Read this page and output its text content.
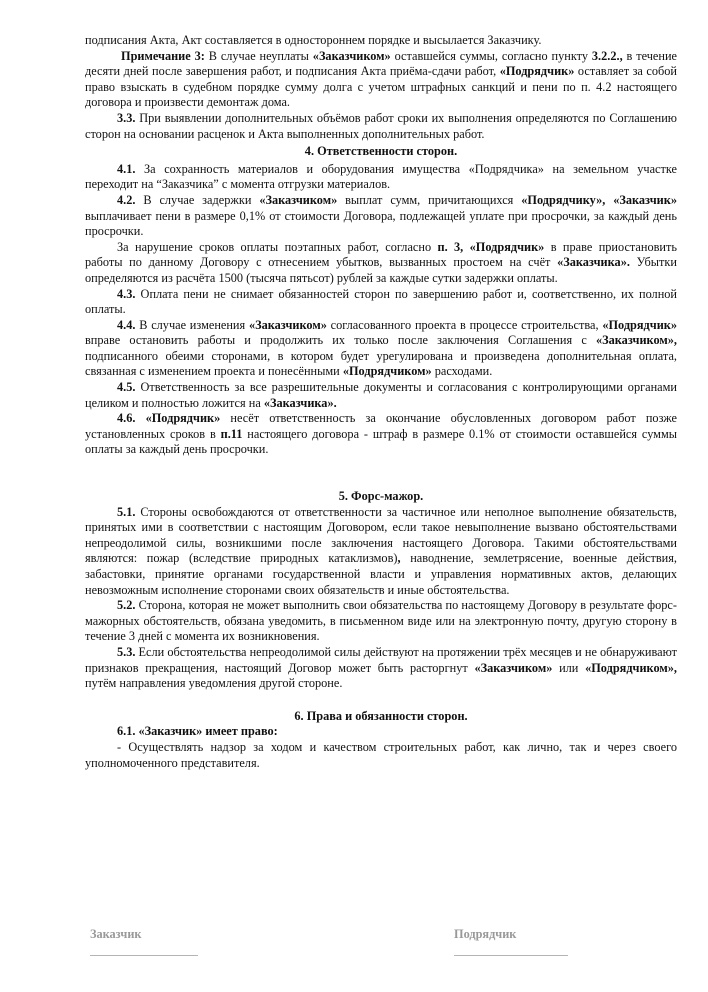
подписания Акта, Акт составляется в одностороннем порядке и высылается Заказчику.

Примечание 3: В случае неуплаты «Заказчиком» оставшейся суммы, согласно пункту 3.2.2., в течение десяти дней после завершения работ, и подписания Акта приёма-сдачи работ, «Подрядчик» оставляет за собой право взыскать в судебном порядке сумму долга с учетом штрафных санкций и пени по п. 4.2 настоящего договора и произвести демонтаж дома.

3.3. При выявлении дополнительных объёмов работ сроки их выполнения определяются по Соглашению сторон на основании расценок и Акта выполненных дополнительных работ.

4. Ответственности сторон.

4.1. За сохранность материалов и оборудования имущества «Подрядчика» на земельном участке переходит на “Заказчика” с момента отгрузки материалов.

4.2. В случае задержки «Заказчиком» выплат сумм, причитающихся «Подрядчику», «Заказчик» выплачивает пени в размере 0,1% от стоимости Договора, подлежащей уплате при просрочки, за каждый день просрочки.

За нарушение сроков оплаты поэтапных работ, согласно п. 3, «Подрядчик» в праве приостановить работы по данному Договору с отнесением убытков, вызванных простоем на счёт «Заказчика». Убытки определяются из расчёта 1500 (тысяча пятьсот) рублей за каждые сутки задержки оплаты.

4.3. Оплата пени не снимает обязанностей сторон по завершению работ и, соответственно, их полной оплаты.

4.4. В случае изменения «Заказчиком» согласованного проекта в процессе строительства, «Подрядчик» вправе остановить работы и продолжить их только после заключения Соглашения с «Заказчиком», подписанного обеими сторонами, в котором будет урегулирована и произведена дополнительная оплата, связанная с изменением проекта и понесёнными «Подрядчиком» расходами.

4.5. Ответственность за все разрешительные документы и согласования с контролирующими органами целиком и полностью ложится на «Заказчика».

4.6. «Подрядчик» несёт ответственность за окончание обусловленных договором работ позже установленных сроков в п.11 настоящего договора - штраф в размере 0.1% от стоимости оставшейся суммы оплаты за каждый день просрочки.

5. Форс-мажор.

5.1. Стороны освобождаются от ответственности за частичное или неполное выполнение обязательств, принятых ими в соответствии с настоящим Договором, если такое невыполнение вызвано обстоятельствами непреодолимой силы, возникшими после заключения настоящего Договора. Такими обстоятельствами являются: пожар (вследствие природных катаклизмов), наводнение, землетрясение, военные действия, забастовки, принятие органами государственной власти и управления нормативных актов, делающих невозможным исполнение сторонами своих обязательств и иные обстоятельства.

5.2. Сторона, которая не может выполнить свои обязательства по настоящему Договору в результате форс-мажорных обстоятельств, обязана уведомить, в письменном виде или на электронную почту, другую сторону в течение 3 дней с момента их возникновения.

5.3. Если обстоятельства непреодолимой силы действуют на протяжении трёх месяцев и не обнаруживают признаков прекращения, настоящий Договор может быть расторгнут «Заказчиком» или «Подрядчиком», путём направления уведомления другой стороне.

6. Права и обязанности сторон.

6.1. «Заказчик» имеет право:

- Осуществлять надзор за ходом и качеством строительных работ, как лично, так и через своего уполномоченного представителя.

Заказчик	Подрядчик
